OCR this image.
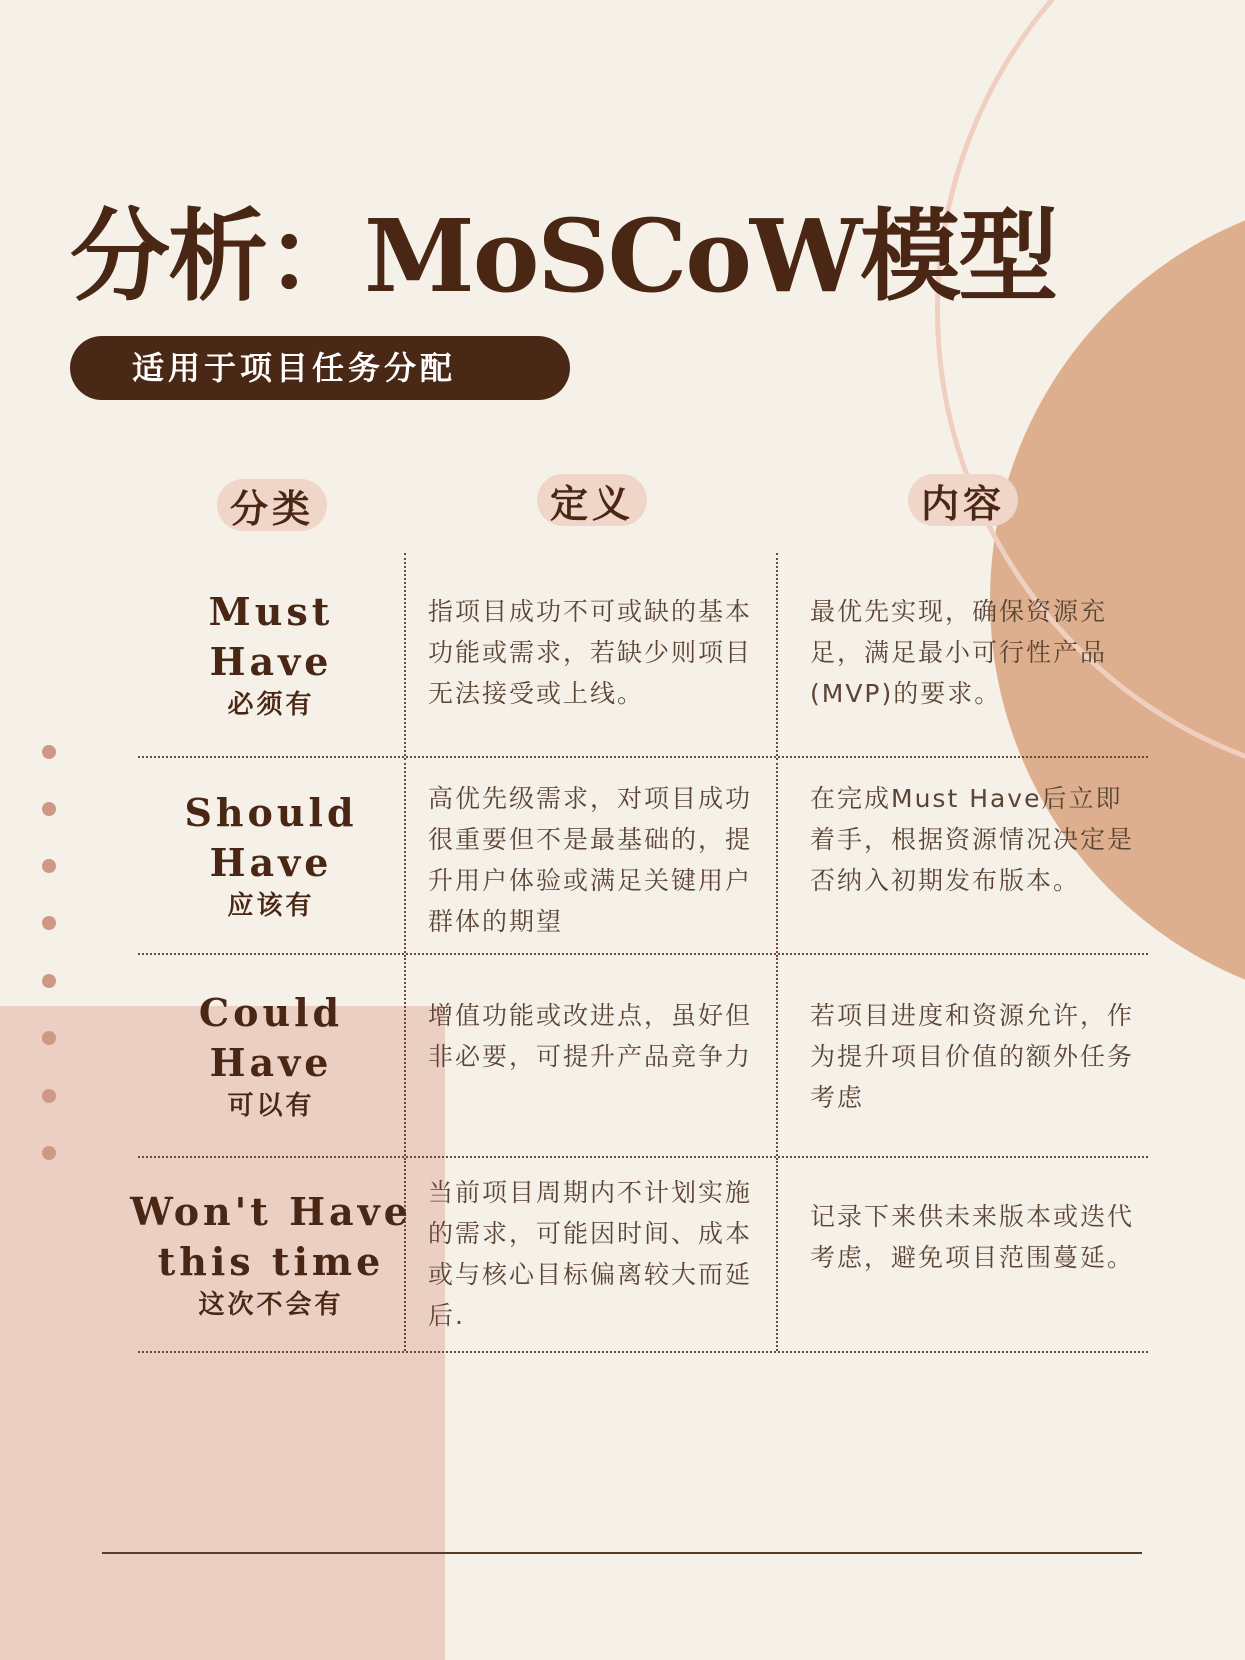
分析：MoSCoW模型
适用于项目任务分配
分类	定义	内容
Must
Have
必须有

指项目成功不可或缺的基本功能或需求，若缺少则项目无法接受或上线。

最优先实现，确保资源充足，满足最小可行性产品(MVP)的要求。

Should
Have
应该有

高优先级需求，对项目成功很重要但不是最基础的，提升用户体验或满足关键用户群体的期望

在完成Must Have后立即着手，根据资源情况决定是否纳入初期发布版本。

Could
Have
可以有

增值功能或改进点，虽好但非必要，可提升产品竞争力

若项目进度和资源允许，作为提升项目价值的额外任务考虑

Won't Have
this time
这次不会有

当前项目周期内不计划实施的需求，可能因时间、成本或与核心目标偏离较大而延后.

记录下来供未来版本或迭代考虑，避免项目范围蔓延。
